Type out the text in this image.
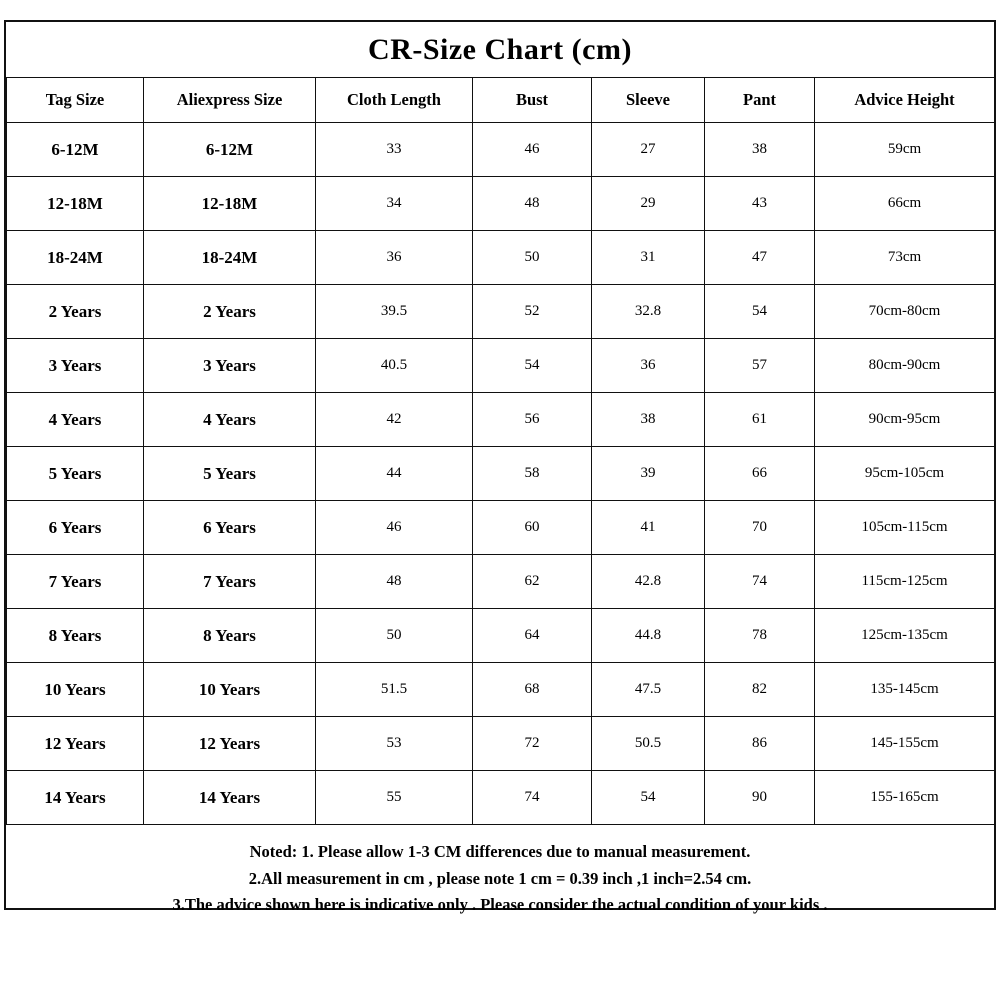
CR-Size Chart (cm)
Tag Size	Aliexpress Size	Cloth Length	Bust	Sleeve	Pant	Advice Height
6-12M	6-12M	33	46	27	38	59cm
12-18M	12-18M	34	48	29	43	66cm
18-24M	18-24M	36	50	31	47	73cm
2 Years	2 Years	39.5	52	32.8	54	70cm-80cm
3 Years	3 Years	40.5	54	36	57	80cm-90cm
4 Years	4 Years	42	56	38	61	90cm-95cm
5 Years	5 Years	44	58	39	66	95cm-105cm
6 Years	6 Years	46	60	41	70	105cm-115cm
7 Years	7 Years	48	62	42.8	74	115cm-125cm
8 Years	8 Years	50	64	44.8	78	125cm-135cm
10 Years	10 Years	51.5	68	47.5	82	135-145cm
12 Years	12 Years	53	72	50.5	86	145-155cm
14 Years	14 Years	55	74	54	90	155-165cm
Noted: 1. Please allow 1-3 CM differences due to manual measurement.
2.All measurement in cm , please note 1 cm = 0.39 inch ,1 inch=2.54 cm.
3.The advice shown here is indicative only . Please consider the actual condition of your kids .
